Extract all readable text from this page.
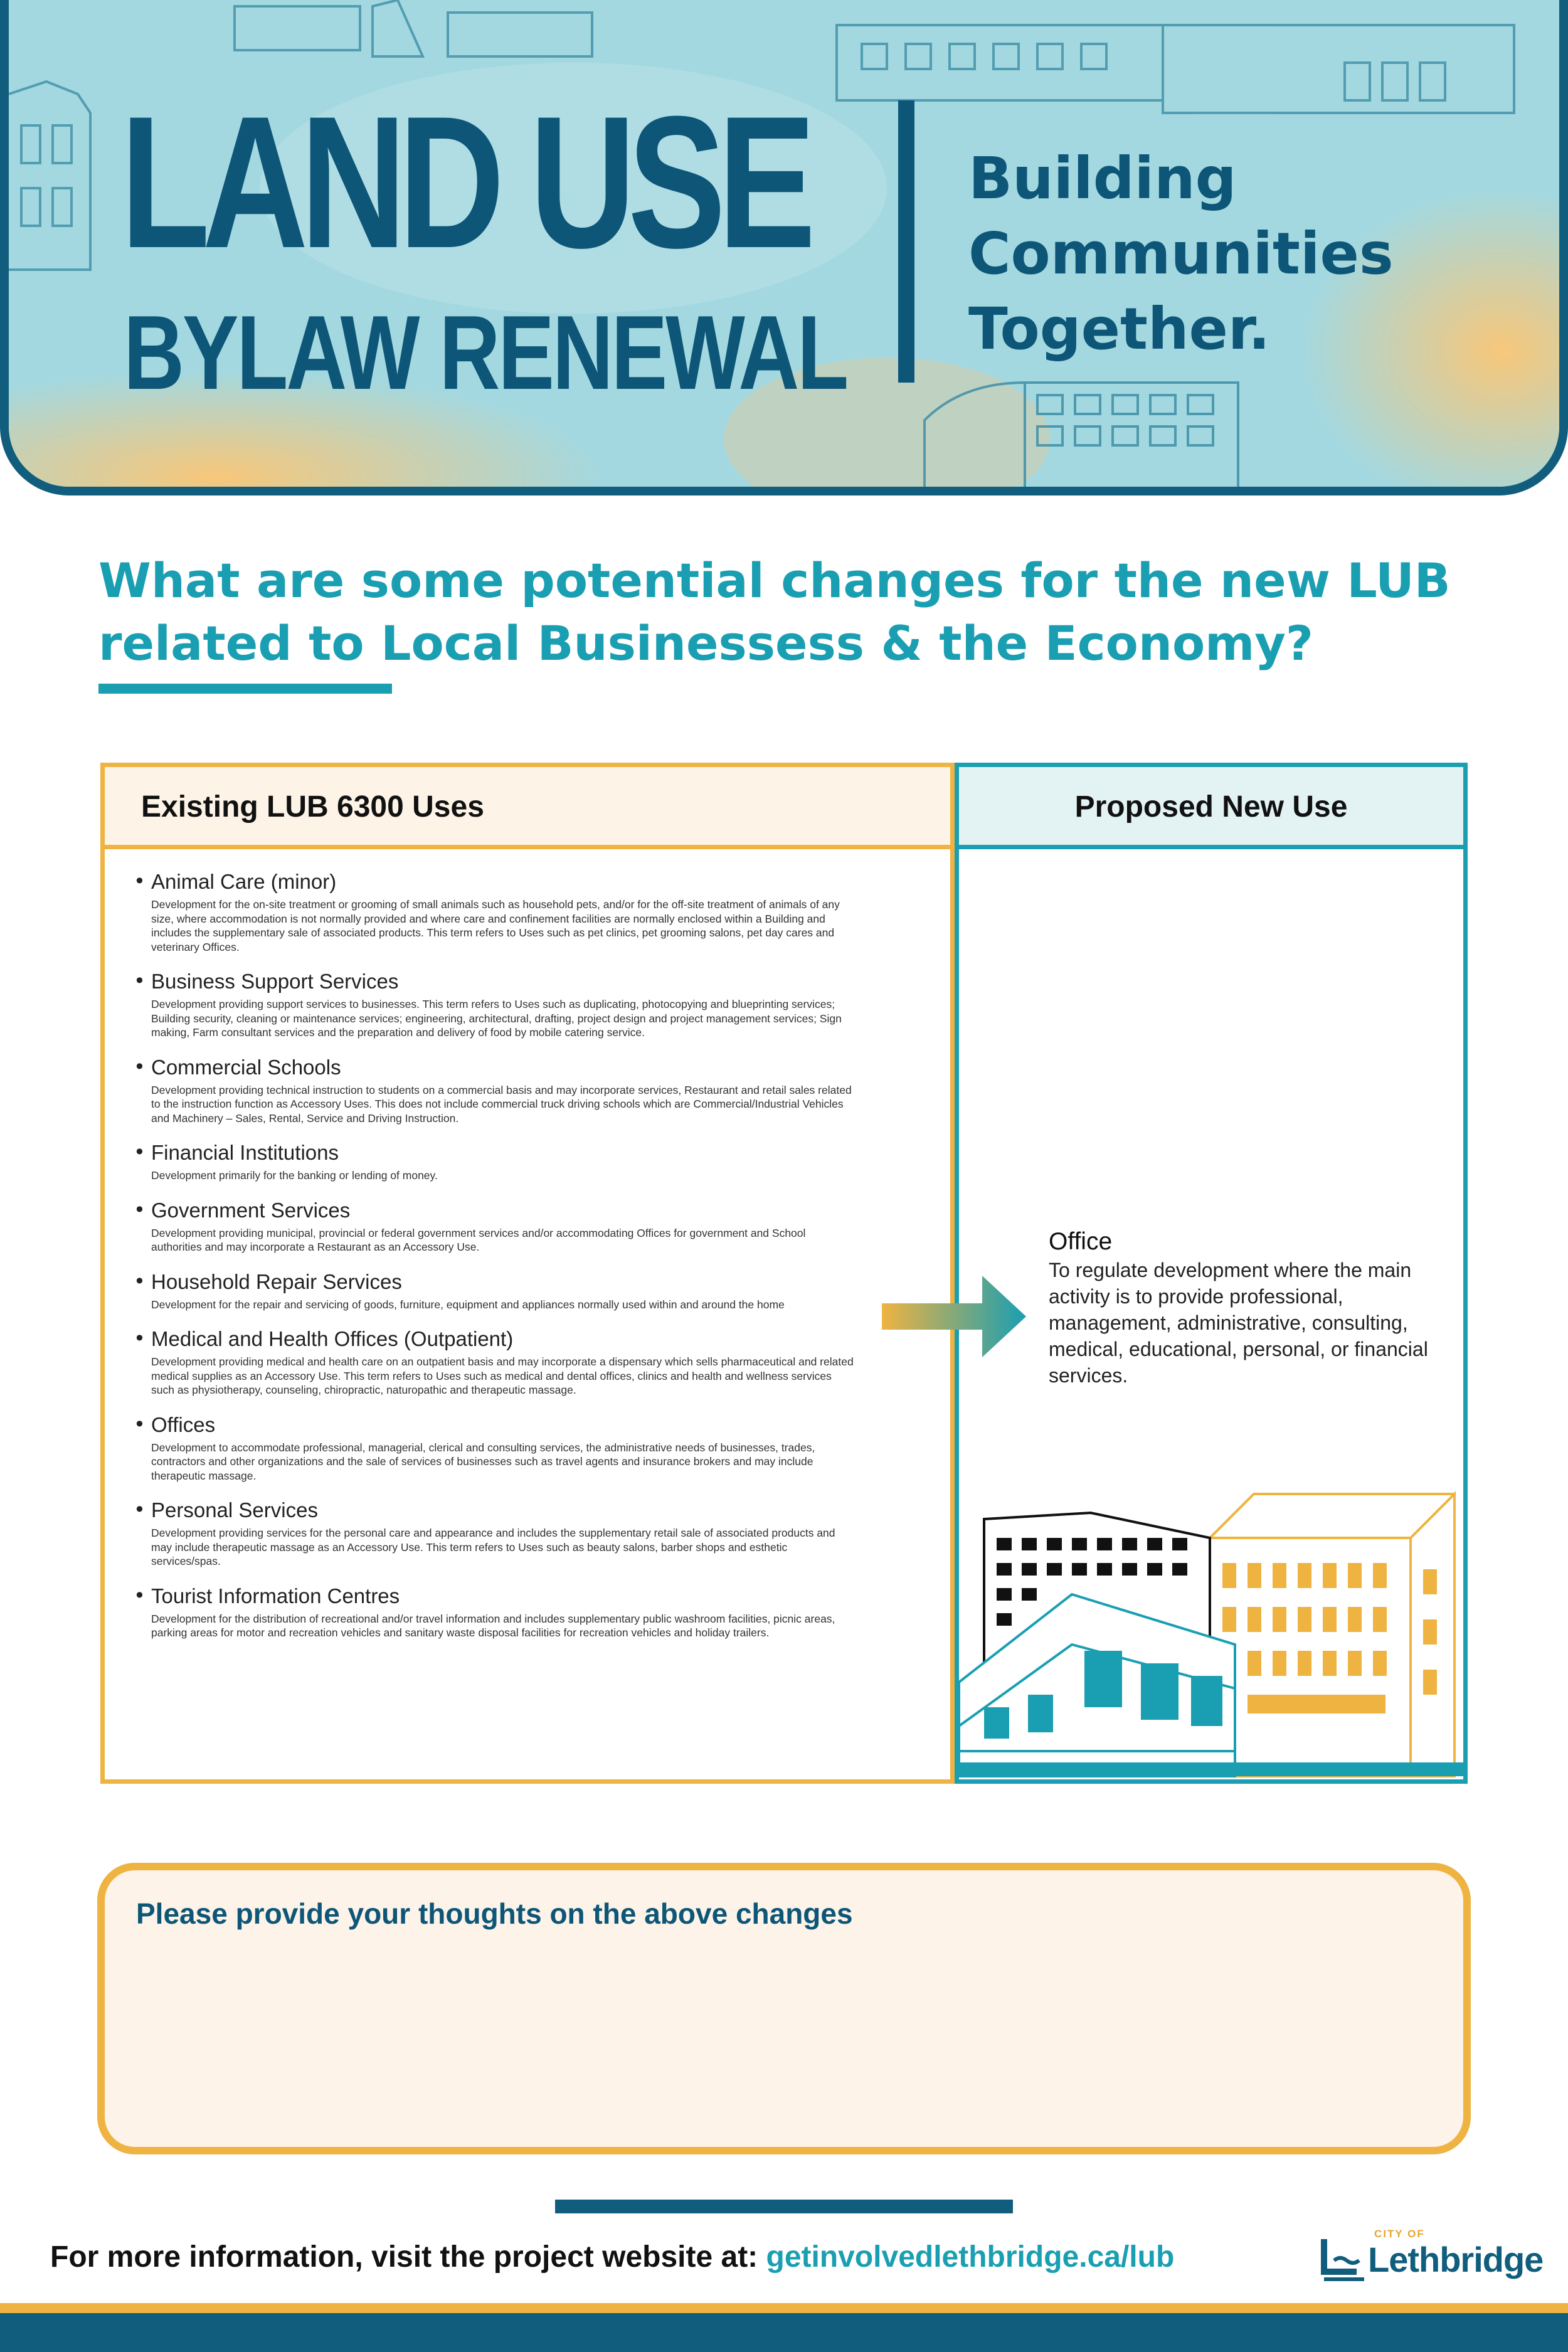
LAND USE
BYLAW RENEWAL
Building
Communities
Together.
What are some potential changes for the new LUB related to Local Businessess & the Economy?
Existing LUB 6300 Uses	Proposed New Use
• Animal Care (minor)
Development for the on-site treatment or grooming of small animals such as household pets, and/or for the off-site treatment of animals of any size, where accommodation is not normally provided and where care and confinement facilities are normally enclosed within a Building and includes the supplementary sale of associated products. This term refers to Uses such as pet clinics, pet grooming salons, pet day cares and veterinary Offices.
• Business Support Services
Development providing support services to businesses. This term refers to Uses such as duplicating, photocopying and blueprinting services; Building security, cleaning or maintenance services; engineering, architectural, drafting, project design and project management services; Sign making, Farm consultant services and the preparation and delivery of food by mobile catering service.
• Commercial Schools
Development providing technical instruction to students on a commercial basis and may incorporate services, Restaurant and retail sales related to the instruction function as Accessory Uses. This does not include commercial truck driving schools which are Commercial/Industrial Vehicles and Machinery – Sales, Rental, Service and Driving Instruction.
• Financial Institutions
Development primarily for the banking or lending of money.
• Government Services
Development providing municipal, provincial or federal government services and/or accommodating Offices for government and School authorities and may incorporate a Restaurant as an Accessory Use.
• Household Repair Services
Development for the repair and servicing of goods, furniture, equipment and appliances normally used within and around the home
• Medical and Health Offices (Outpatient)
Development providing medical and health care on an outpatient basis and may incorporate a dispensary which sells pharmaceutical and related medical supplies as an Accessory Use. This term refers to Uses such as medical and dental offices, clinics and health and wellness services such as physiotherapy, counseling, chiropractic, naturopathic and therapeutic massage.
• Offices
Development to accommodate professional, managerial, clerical and consulting services, the administrative needs of businesses, trades, contractors and other organizations and the sale of services of businesses such as travel agents and insurance brokers and may include therapeutic massage.
• Personal Services
Development providing services for the personal care and appearance and includes the supplementary retail sale of associated products and may include therapeutic massage as an Accessory Use. This term refers to Uses such as beauty salons, barber shops and esthetic services/spas.
• Tourist Information Centres
Development for the distribution of recreational and/or travel information and includes supplementary public washroom facilities, picnic areas, parking areas for motor and recreation vehicles and sanitary waste disposal facilities for recreation vehicles and holiday trailers.
Office
To regulate development where the main activity is to provide professional, management, administrative, consulting, medical, educational, personal, or financial services.
Please provide your thoughts on the above changes
For more information, visit the project website at: getinvolvedlethbridge.ca/lub
CITY OF
Lethbridge
